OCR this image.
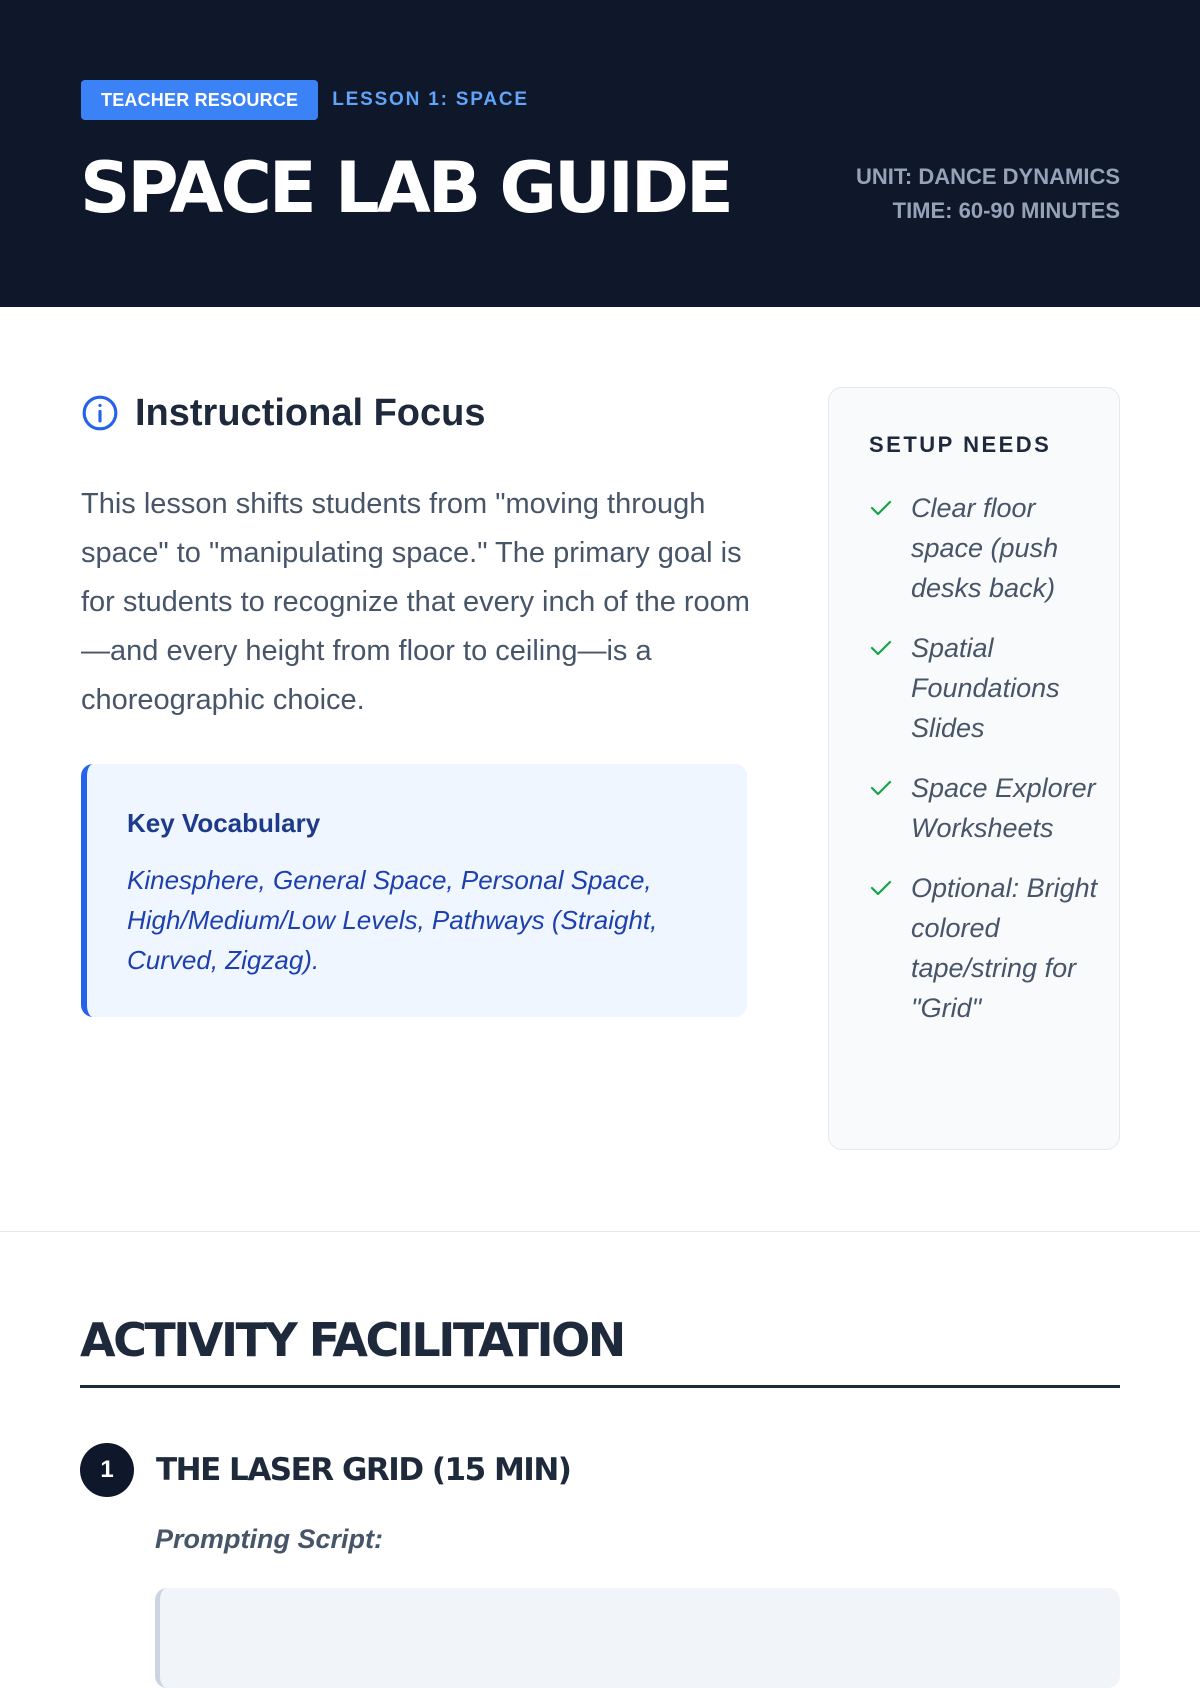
TEACHER RESOURCE	LESSON 1: SPACE
SPACE LAB GUIDE	UNIT: DANCE DYNAMICS
TIME: 60-90 MINUTES
Instructional Focus

This lesson shifts students from "moving through space" to "manipulating space." The primary goal is for students to recognize that every inch of the room—and every height from floor to ceiling—is a choreographic choice.

Key Vocabulary

Kinesphere, General Space, Personal Space, High/Medium/Low Levels, Pathways (Straight, Curved, Zigzag).

SETUP NEEDS
Clear floor space (push desks back)
Spatial Foundations Slides
Space Explorer Worksheets
Optional: Bright colored tape/string for "Grid"
ACTIVITY FACILITATION
1	THE LASER GRID (15 MIN)

Prompting Script:
